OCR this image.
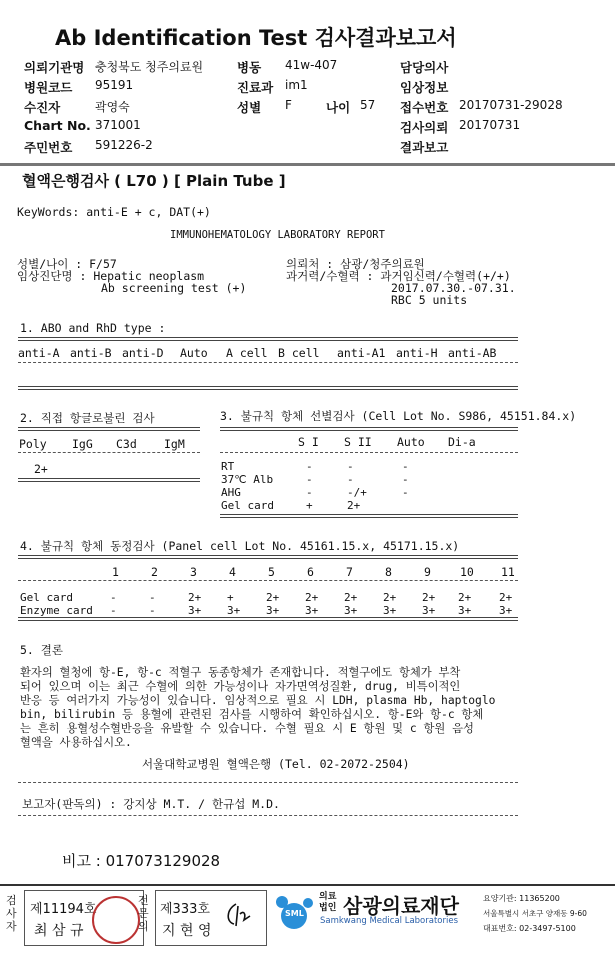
Ab Identification Test 검사결과보고서
의뢰기관명 충청북도 청주의료원	병동 41w-407	담당의사
병원코드 95191	진료과 im1	임상정보
수진자	곽영숙	성별 F	나이 57 접수번호 20170731-29028
Chart No. 371001	검사의뢰 20170731
주민번호 591226-2	결과보고
혈액은행검사 ( L70 ) [ Plain Tube ]
KeyWords: anti-E + c, DAT(+)
IMMUNOHEMATOLOGY LABORATORY REPORT
성별/나이 : F/57
임상진단명 : Hepatic neoplasm
Ab screening test (+)
의뢰처 : 삼광/청주의료원
과거력/수혈력 : 과거임신력/수혈력(+/+)
2017.07.30.-07.31.
RBC 5 units
1. ABO and RhD type :
anti-A anti-B anti-D Auto A cell B cell anti-A1 anti-H anti-AB
2. 직접 항글로불린 검사
Poly IgG C3d IgM
2+
3. 불규칙 항체 선별검사 (Cell Lot No. S986, 45151.84.x)
S I S II Auto Di-a
RT	-	-	-
37℃ Alb	-	-	-
AHG	-	-/+	-
Gel card	+	2+
4. 불규칙 항체 동정검사 (Panel cell Lot No. 45161.15.x, 45171.15.x)
1	2	3	4	5	6	7	8	9	10 11
Gel card	-	-	2+ +	2+ 2+ 2+ 2+ 2+ 2+	2+
Enzyme card -	-	3+ 3+ 3+ 3+ 3+ 3+ 3+ 3+	3+
5. 결론
환자의 혈청에 항-E, 항-c 적혈구 동종항체가 존재합니다. 적혈구에도 항체가 부착
되어 있으며 이는 최근 수혈에 의한 가능성이나 자가면역성질환, drug, 비특이적인
반응 등 여러가지 가능성이 있습니다. 임상적으로 필요 시 LDH, plasma Hb, haptoglo
bin, bilirubin 등 용혈에 관련된 검사를 시행하여 확인하십시오. 항-E와 항-c 항체
는 흔히 용혈성수혈반응을 유발할 수 있습니다. 수혈 필요 시 E 항원 및 c 항원 음성
혈액을 사용하십시오.
서울대학교병원 혈액은행 (Tel. 02-2072-2504)
보고자(판독의) : 강지상 M.T. / 한규섭 M.D.
비고 : 017073129028
검사자
제11194호
최 삼 규
전문의
제333호
지 현 영
SML
의료법인 삼광의료재단
Samkwang Medical Laboratories
요양기관: 11365200
서울특별시 서초구 양재동 9-60
대표번호: 02-3497-5100
